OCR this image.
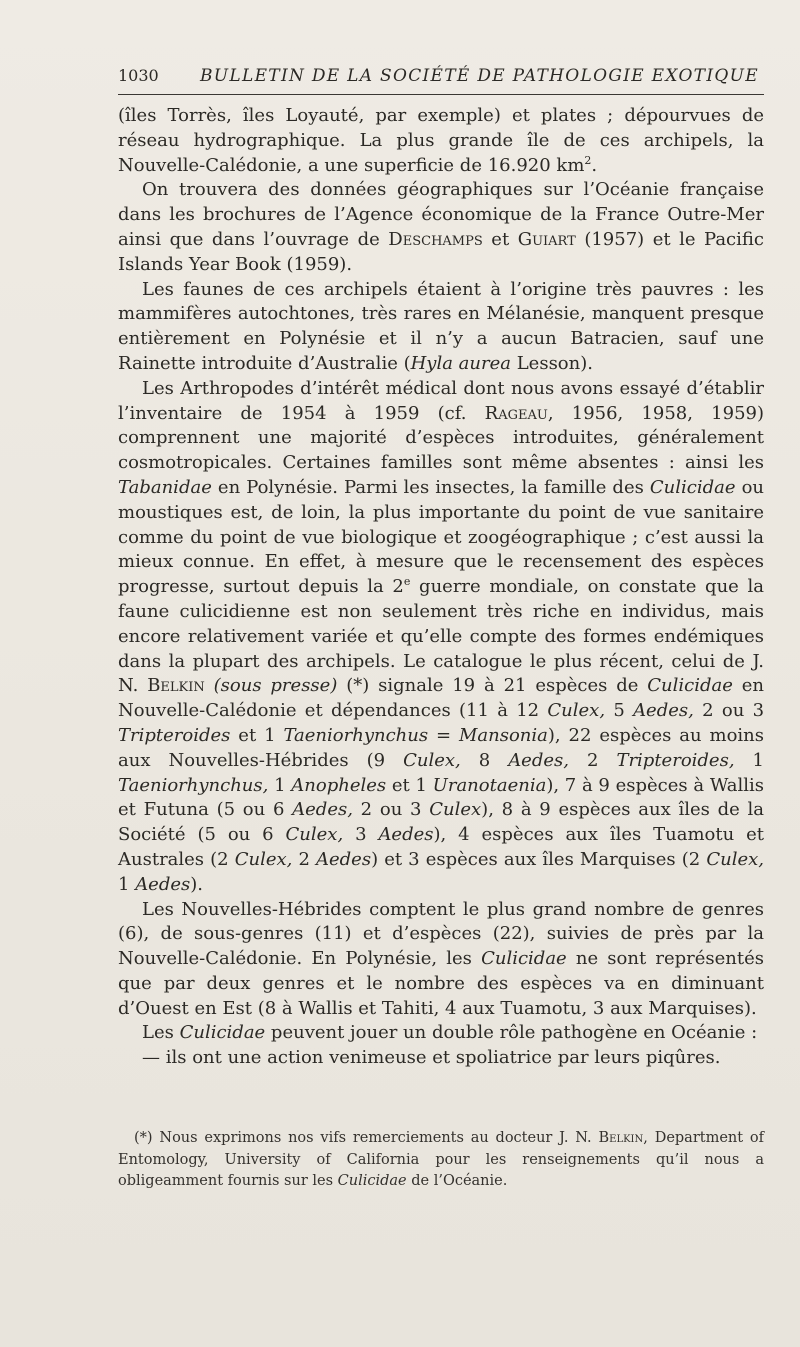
1030 BULLETIN DE LA SOCIÉTÉ DE PATHOLOGIE EXOTIQUE

(îles Torrès, îles Loyauté, par exemple) et plates ; dépourvues de réseau hydrographique. La plus grande île de ces archipels, la Nouvelle-Calédonie, a une superficie de 16.920 $km^2$.

On trouvera des données géographiques sur l’Océanie française dans les brochures de l’Agence économique de la France Outre-Mer ainsi que dans l’ouvrage de Deschamps et Guiart (1957) et le Pacific Islands Year Book (1959).

Les faunes de ces archipels étaient à l’origine très pauvres : les mammifères autochtones, très rares en Mélanésie, manquent presque entièrement en Polynésie et il n’y a aucun Batracien, sauf une Rainette introduite d’Australie (Hyla aurea Lesson).

Les Arthropodes d’intérêt médical dont nous avons essayé d’établir l’inventaire de 1954 à 1959 (cf. Rageau, 1956, 1958, 1959) comprennent une majorité d’espèces introduites, généralement cosmotropicales. Certaines familles sont même absentes : ainsi les Tabanidae en Polynésie. Parmi les insectes, la famille des Culicidae ou moustiques est, de loin, la plus importante du point de vue sanitaire comme du point de vue biologique et zoogéographique ; c’est aussi la mieux connue. En effet, à mesure que le recensement des espèces progresse, surtout depuis la 2e guerre mondiale, on constate que la faune culicidienne est non seulement très riche en individus, mais encore relativement variée et qu’elle compte des formes endémiques dans la plupart des archipels. Le catalogue le plus récent, celui de J. N. Belkin (sous presse) (*) signale 19 à 21 espèces de Culicidae en Nouvelle-Calédonie et dépendances (11 à 12 Culex, 5 Aedes, 2 ou 3 Tripteroides et 1 Taeniorhynchus = Mansonia), 22 espèces au moins aux Nouvelles-Hébrides (9 Culex, 8 Aedes, 2 Tripteroides, 1 Taeniorhynchus, 1 Anopheles et 1 Uranotaenia), 7 à 9 espèces à Wallis et Futuna (5 ou 6 Aedes, 2 ou 3 Culex), 8 à 9 espèces aux îles de la Société (5 ou 6 Culex, 3 Aedes), 4 espèces aux îles Tuamotu et Australes (2 Culex, 2 Aedes) et 3 espèces aux îles Marquises (2 Culex, 1 Aedes).

Les Nouvelles-Hébrides comptent le plus grand nombre de genres (6), de sous-genres (11) et d’espèces (22), suivies de près par la Nouvelle-Calédonie. En Polynésie, les Culicidae ne sont représentés que par deux genres et le nombre des espèces va en diminuant d’Ouest en Est (8 à Wallis et Tahiti, 4 aux Tuamotu, 3 aux Marquises).

Les Culicidae peuvent jouer un double rôle pathogène en Océanie :

— ils ont une action venimeuse et spoliatrice par leurs piqûres.

(*) Nous exprimons nos vifs remerciements au docteur J. N. Belkin, Department of Entomology, University of California pour les renseignements qu’il nous a obligeamment fournis sur les Culicidae de l’Océanie.
